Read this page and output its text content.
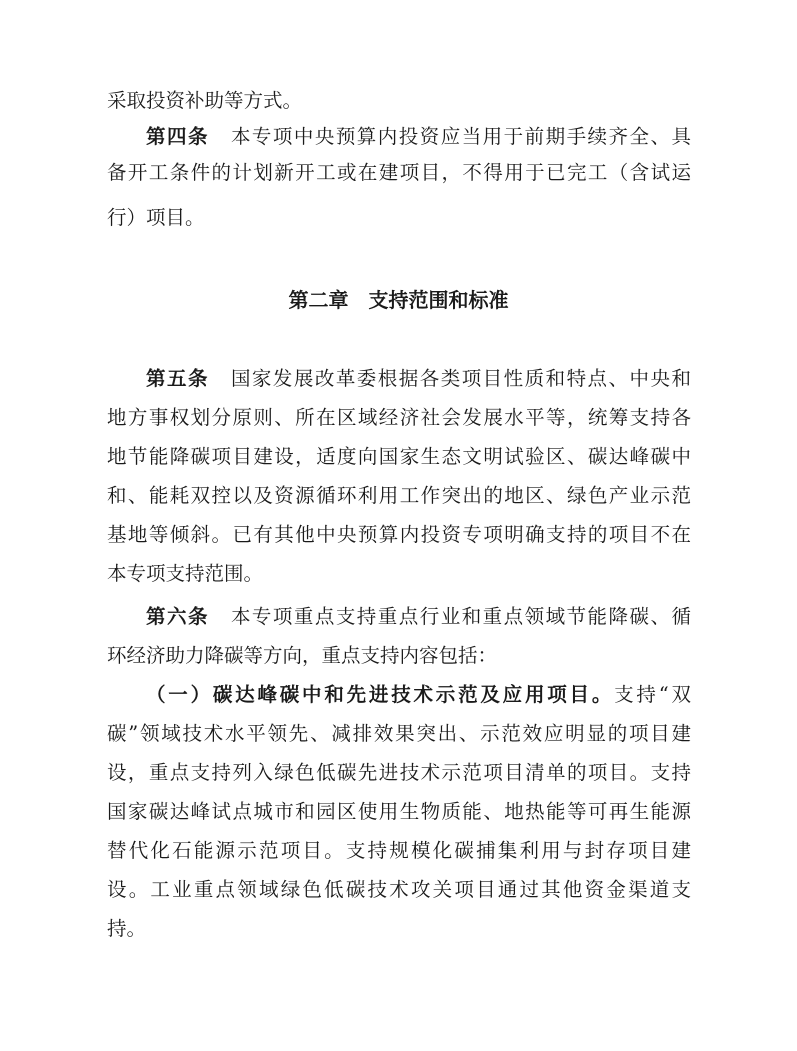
采取投资补助等方式。
第四条 本专项中央预算内投资应当用于前期手续齐全、具
备开工条件的计划新开工或在建项目，不得用于已完工（含试运
行）项目。
第二章　支持范围和标准
第五条 国家发展改革委根据各类项目性质和特点、中央和
地方事权划分原则、所在区域经济社会发展水平等，统筹支持各
地节能降碳项目建设，适度向国家生态文明试验区、碳达峰碳中
和、能耗双控以及资源循环利用工作突出的地区、绿色产业示范
基地等倾斜。已有其他中央预算内投资专项明确支持的项目不在
本专项支持范围。
第六条 本专项重点支持重点行业和重点领域节能降碳、循
环经济助力降碳等方向，重点支持内容包括：
（一）碳达峰碳中和先进技术示范及应用项目。支持“双
碳”领域技术水平领先、减排效果突出、示范效应明显的项目建
设，重点支持列入绿色低碳先进技术示范项目清单的项目。支持
国家碳达峰试点城市和园区使用生物质能、地热能等可再生能源
替代化石能源示范项目。支持规模化碳捕集利用与封存项目建
设。工业重点领域绿色低碳技术攻关项目通过其他资金渠道支
持。
